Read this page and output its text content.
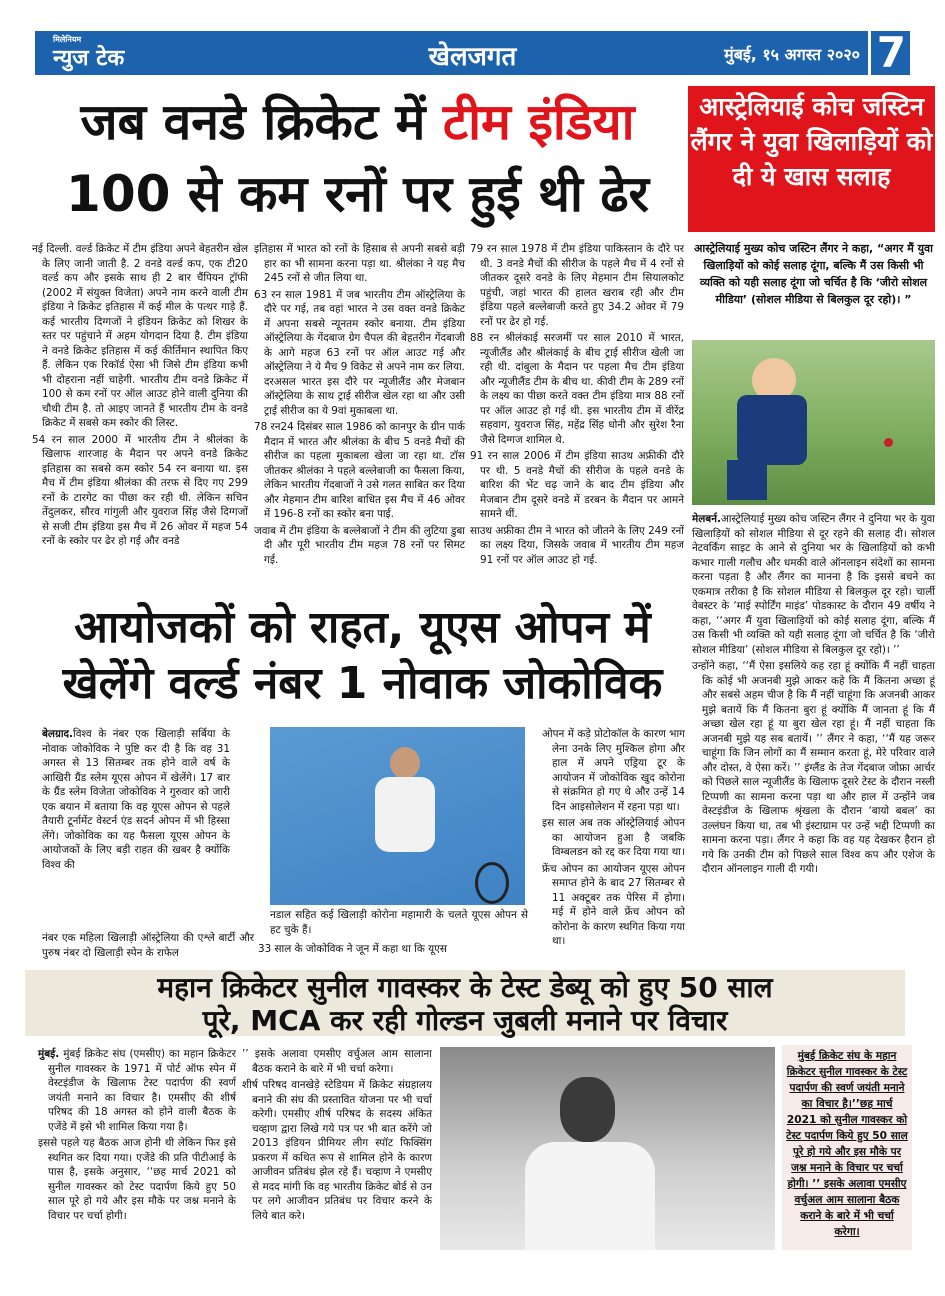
मिलेनियम
न्युज टेक	खेलजगत	मुंबई, १५ अगस्त २०२० 7
जब वनडे क्रिकेट में टीम इंडिया
100 से कम रनों पर हुई थी ढेर
आस्ट्रेलियाई कोच जस्टिन लैंगर ने युवा खिलाड़ियों को दी ये खास सलाह

नई दिल्ली. वर्ल्ड क्रिकेट में टीम इंडिया अपने बेहतरीन खेल के लिए जानी जाती है. 2 वनडे वर्ल्ड कप, एक टी20 वर्ल्ड कप और इसके साथ ही 2 बार चैंपियन ट्रॉफी (2002 में संयुक्त विजेता) अपने नाम करने वाली टीम इंडिया ने क्रिकेट इतिहास में कई मील के पत्थर गाड़े हैं. कई भारतीय दिग्गजों ने इंडियन क्रिकेट को शिखर के स्तर पर पहुंचाने में अहम योगदान दिया है. टीम इंडिया ने वनडे क्रिकेट इतिहास में कई कीर्तिमान स्थापित किए हैं. लेकिन एक रिकॉर्ड ऐसा भी जिसे टीम इंडिया कभी भी दोहराना नहीं चाहेगी. भारतीय टीम वनडे क्रिकेट में 100 से कम रनों पर ऑल आउट होने वाली दुनिया की चौथी टीम है. तो आइए जानते हैं भारतीय टीम के वनडे क्रिकेट में सबसे कम स्कोर की लिस्ट.

54 रन साल 2000 में भारतीय टीम ने श्रीलंका के खिलाफ शारजाह के मैदान पर अपने वनडे क्रिकेट इतिहास का सबसे कम स्कोर 54 रन बनाया था. इस मैच में टीम इंडिया श्रीलंका की तरफ से दिए गए 299 रनों के टारगेट का पीछा कर रही थी. लेकिन सचिन तेंदुलकर, सौरव गांगुली और युवराज सिंह जैसे दिग्गजों से सजी टीम इंडिया इस मैच में 26 ओवर में महज 54 रनों के स्कोर पर ढेर हो गई और वनडे

इतिहास में भारत को रनों के हिसाब से अपनी सबसे बड़ी हार का भी सामना करना पड़ा था. श्रीलंका ने यह मैच 245 रनों से जीत लिया था.

63 रन साल 1981 में जब भारतीय टीम ऑस्ट्रेलिया के दौरे पर गई, तब वहां भारत ने उस वक्त वनडे क्रिकेट में अपना सबसे न्यूनतम स्कोर बनाया. टीम इंडिया ऑस्ट्रेलिया के गेंदबाज ग्रेग चैपल की बेहतरीन गेंदबाजी के आगे महज 63 रनों पर ऑल आउट गई और ऑस्ट्रेलिया ने ये मैच 9 विकेट से अपने नाम कर लिया. दरअसल भारत इस दौरे पर न्यूजीलैंड और मेजबान ऑस्ट्रेलिया के साथ ट्राई सीरीज खेल रहा था और उसी ट्राई सीरीज का ये 9वां मुकाबला था.

78 रन24 दिसंबर साल 1986 को कानपुर के ग्रीन पार्क मैदान में भारत और श्रीलंका के बीच 5 वनडे मैचों की सीरीज का पहला मुकाबला खेला जा रहा था. टॉस जीतकर श्रीलंका ने पहले बल्लेबाजी का फैसला किया, लेकिन भारतीय गेंदबाजों ने उसे गलत साबित कर दिया और मेहमान टीम बारिश बाधित इस मैच में 46 ओवर में 196-8 रनों का स्कोर बना पाई.

जवाब में टीम इंडिया के बल्लेबाजों ने टीम की लुटिया डुबा दी और पूरी भारतीय टीम महज 78 रनों पर सिमट गई.

79 रन साल 1978 में टीम इंडिया पाकिस्तान के दौरे पर थी. 3 वनडे मैचों की सीरीज के पहले मैच में 4 रनों से जीतकर दूसरे वनडे के लिए मेहमान टीम सियालकोट पहुंची, जहां भारत की हालत खराब रही और टीम इंडिया पहले बल्लेबाजी करते हुए 34.2 ओवर में 79 रनों पर ढेर हो गई.

88 रन श्रीलंकाई सरजमीं पर साल 2010 में भारत, न्यूजीलैंड और श्रीलंकाई के बीच ट्राई सीरीज खेली जा रही थी. दांबुला के मैदान पर पहला मैच टीम इंडिया और न्यूजीलैंड टीम के बीच था. कीवी टीम के 289 रनों के लक्ष्य का पीछा करते वक्त टीम इंडिया मात्र 88 रनों पर ऑल आउट हो गई थी. इस भारतीय टीम में वीरेंद्र सहवाग, युवराज सिंह, महेंद्र सिंह धोनी और सुरेश रैना जैसे दिग्गज शामिल थे.

91 रन साल 2006 में टीम इंडिया साउथ अफ्रीकी दौरे पर थी. 5 वनडे मैचों की सीरीज के पहले वनडे के बारिश की भेंट चढ़ जाने के बाद टीम इंडिया और मेजबान टीम दूसरे वनडे में डरबन के मैदान पर आमने सामने थीं.

साउथ अफ्रीका टीम ने भारत को जीतने के लिए 249 रनों का लक्ष्य दिया, जिसके जवाब में भारतीय टीम महज 91 रनों पर ऑल आउट हो गई.

आस्ट्रेलियाई मुख्य कोच जस्टिन लैंगर ने कहा, “अगर मैं युवा खिलाड़ियों को कोई सलाह दूंगा, बल्कि मैं उस किसी भी व्यक्ति को यही सलाह दूंगा जो चर्चित है कि ‘जीरो सोशल मीडिया’ (सोशल मीडिया से बिलकुल दूर रहो)। ”

मेलबर्न.आस्ट्रेलियाई मुख्य कोच जस्टिन लैंगर ने दुनिया भर के युवा खिलाड़ियों को सोशल मीडिया से दूर रहने की सलाह दी। सोशल नेटवर्किंग साइट के आने से दुनिया भर के खिलाड़ियों को कभी कभार गाली गलौच और धमकी वाले ऑनलाइन संदेशों का सामना करना पड़ता है और लैंगर का मानना है कि इससे बचने का एकमात्र तरीका है कि सोशल मीडिया से बिलकुल दूर रहो। चार्ली वेबस्टर के ‘माई स्पोर्टिंग माइंड’ पोडकास्ट के दौरान 49 वर्षीय ने कहा, ‘‘अगर मैं युवा खिलाड़ियों को कोई सलाह दूंगा, बल्कि मैं उस किसी भी व्यक्ति को यही सलाह दूंगा जो चर्चित है कि ‘जीरो सोशल मीडिया’ (सोशल मीडिया से बिलकुल दूर रहो)। ’’

उन्होंने कहा, ‘‘मैं ऐसा इसलिये कह रहा हूं क्योंकि मैं नहीं चाहता कि कोई भी अजनबी मुझे आकर कहे कि मैं कितना अच्छा हूं और सबसे अहम चीज है कि मैं नहीं चाहूंगा कि अजनबी आकर मुझे बतायें कि मैं कितना बुरा हूं क्योंकि मैं जानता हूं कि मैं अच्छा खेल रहा हूं या बुरा खेल रहा हूं। मैं नहीं चाहता कि अजनबी मुझे यह सब बतायें। ’’ लैंगर ने कहा, ‘‘मैं यह जरूर चाहूंगा कि जिन लोगों का मैं सम्मान करता हूं, मेरे परिवार वाले और दोस्त, वे ऐसा करें। ’’ इंग्लैंड के तेज गेंदबाज जोफ्रा आर्चर को पिछले साल न्यूजीलैंड के खिलाफ दूसरे टेस्ट के दौरान नस्ली टिप्पणी का सामना करना पड़ा था और हाल में उन्होंने जब वेस्टइंडीज के खिलाफ श्रृंखला के दौरान ‘बायो बबल’ का उल्लंघन किया था, तब भी इंस्टाग्राम पर उन्हें भद्दी टिप्पणी का सामना करना पड़ा। लैंगर ने कहा कि वह यह देखकर हैरान हो गये कि उनकी टीम को पिछले साल विश्व कप और एशेज के दौरान ऑनलाइन गाली दी गयी।

आयोजकों को राहत, यूएस ओपन में
खेलेंगे वर्ल्ड नंबर 1 नोवाक जोकोविक

बेलग्राद.विश्व के नंबर एक खिलाड़ी सर्बिया के नोवाक जोकोविक ने पुष्टि कर दी है कि वह 31 अगस्त से 13 सितम्बर तक होने वाले वर्ष के आखिरी ग्रैंड स्लेम यूएस ओपन में खेलेंगे। 17 बार के ग्रैंड स्लेम विजेता जोकोविक ने गुरुवार को जारी एक बयान में बताया कि वह यूएस ओपन से पहले तैयारी टूर्नामेंट वेस्टर्न एंड सदर्न ओपन में भी हिस्सा लेंगे। जोकोविक का यह फैसला यूएस ओपन के आयोजकों के लिए बड़ी राहत की खबर है क्योंकि विश्व की

नंबर एक महिला खिलाड़ी ऑस्ट्रेलिया की एश्ले बार्टी और पुरुष नंबर दो खिलाड़ी स्पेन के राफेल
नडाल सहित कई खिलाड़ी कोरोना महामारी के चलते यूएस ओपन से हट चुके हैं।
33 साल के जोकोविक ने जून में कहा था कि यूएस

ओपन में कड़े प्रोटोकॉल के कारण भाग लेना उनके लिए मुश्किल होगा और हाल में अपने एड्रिया टूर के आयोजन में जोकोविक खुद कोरोना से संक्रमित हो गए थे और उन्हें 14 दिन आइसोलेशन में रहना पड़ा था।

इस साल अब तक ऑस्ट्रेलियाई ओपन का आयोजन हुआ है जबकि विम्बलडन को रद्द कर दिया गया था।

फ्रेंच ओपन का आयोजन यूएस ओपन समाप्त होने के बाद 27 सितम्बर से 11 अक्टूबर तक पेरिस में होगा। मई में होने वाले फ्रेंच ओपन को कोरोना के कारण स्थगित किया गया था।

महान क्रिकेटर सुनील गावस्कर के टेस्ट डेब्यू को हुए 50 साल
पूरे, MCA कर रही गोल्डन जुबली मनाने पर विचार

मुंबई. मुंबई क्रिकेट संघ (एमसीए) का महान क्रिकेटर सुनील गावस्कर के 1971 में पोर्ट ऑफ स्पेन में वेस्टइंडीज के खिलाफ टेस्ट पदार्पण की स्वर्ण जयंती मनाने का विचार है। एमसीए की शीर्ष परिषद की 18 अगस्त को होने वाली बैठक के एजेंडे में इसे भी शामिल किया गया है।

इससे पहले यह बैठक आज होनी थी लेकिन फिर इसे स्थगित कर दिया गया। एजेंडे की प्रति पीटीआई के पास है, इसके अनुसार, ‘‘छह मार्च 2021 को सुनील गावस्कर को टेस्ट पदार्पण किये हुए 50 साल पूरे हो गये और इस मौके पर जश्न मनाने के विचार पर चर्चा होगी।

’’ इसके अलावा एमसीए वर्चुअल आम सालाना बैठक कराने के बारे में भी चर्चा करेगा।

शीर्ष परिषद वानखेड़े स्टेडियम में क्रिकेट संग्रहालय बनाने की संघ की प्रस्तावित योजना पर भी चर्चा करेगी। एमसीए शीर्ष परिषद के सदस्य अंकित चव्हाण द्वारा लिखे गये पत्र पर भी बात करेंगे जो 2013 इंडियन प्रीमियर लीग स्पॉट फिक्सिंग प्रकरण में कथित रूप से शामिल होने के कारण आजीवन प्रतिबंध झेल रहे हैं। चव्हाण ने एमसीए से मदद मांगी कि वह भारतीय क्रिकेट बोर्ड से उन पर लगे आजीवन प्रतिबंध पर विचार करने के लिये बात करे।

मुंबई क्रिकेट संघ के महान क्रिकेटर सुनील गावस्कर के टेस्ट पदार्पण की स्वर्ण जयंती मनाने का विचार है।’’छह मार्च 2021 को सुनील गावस्कर को टेस्ट पदार्पण किये हुए 50 साल पूरे हो गये और इस मौके पर जश्न मनाने के विचार पर चर्चा होगी। ’’ इसके अलावा एमसीए वर्चुअल आम सालाना बैठक कराने के बारे में भी चर्चा करेगा।
